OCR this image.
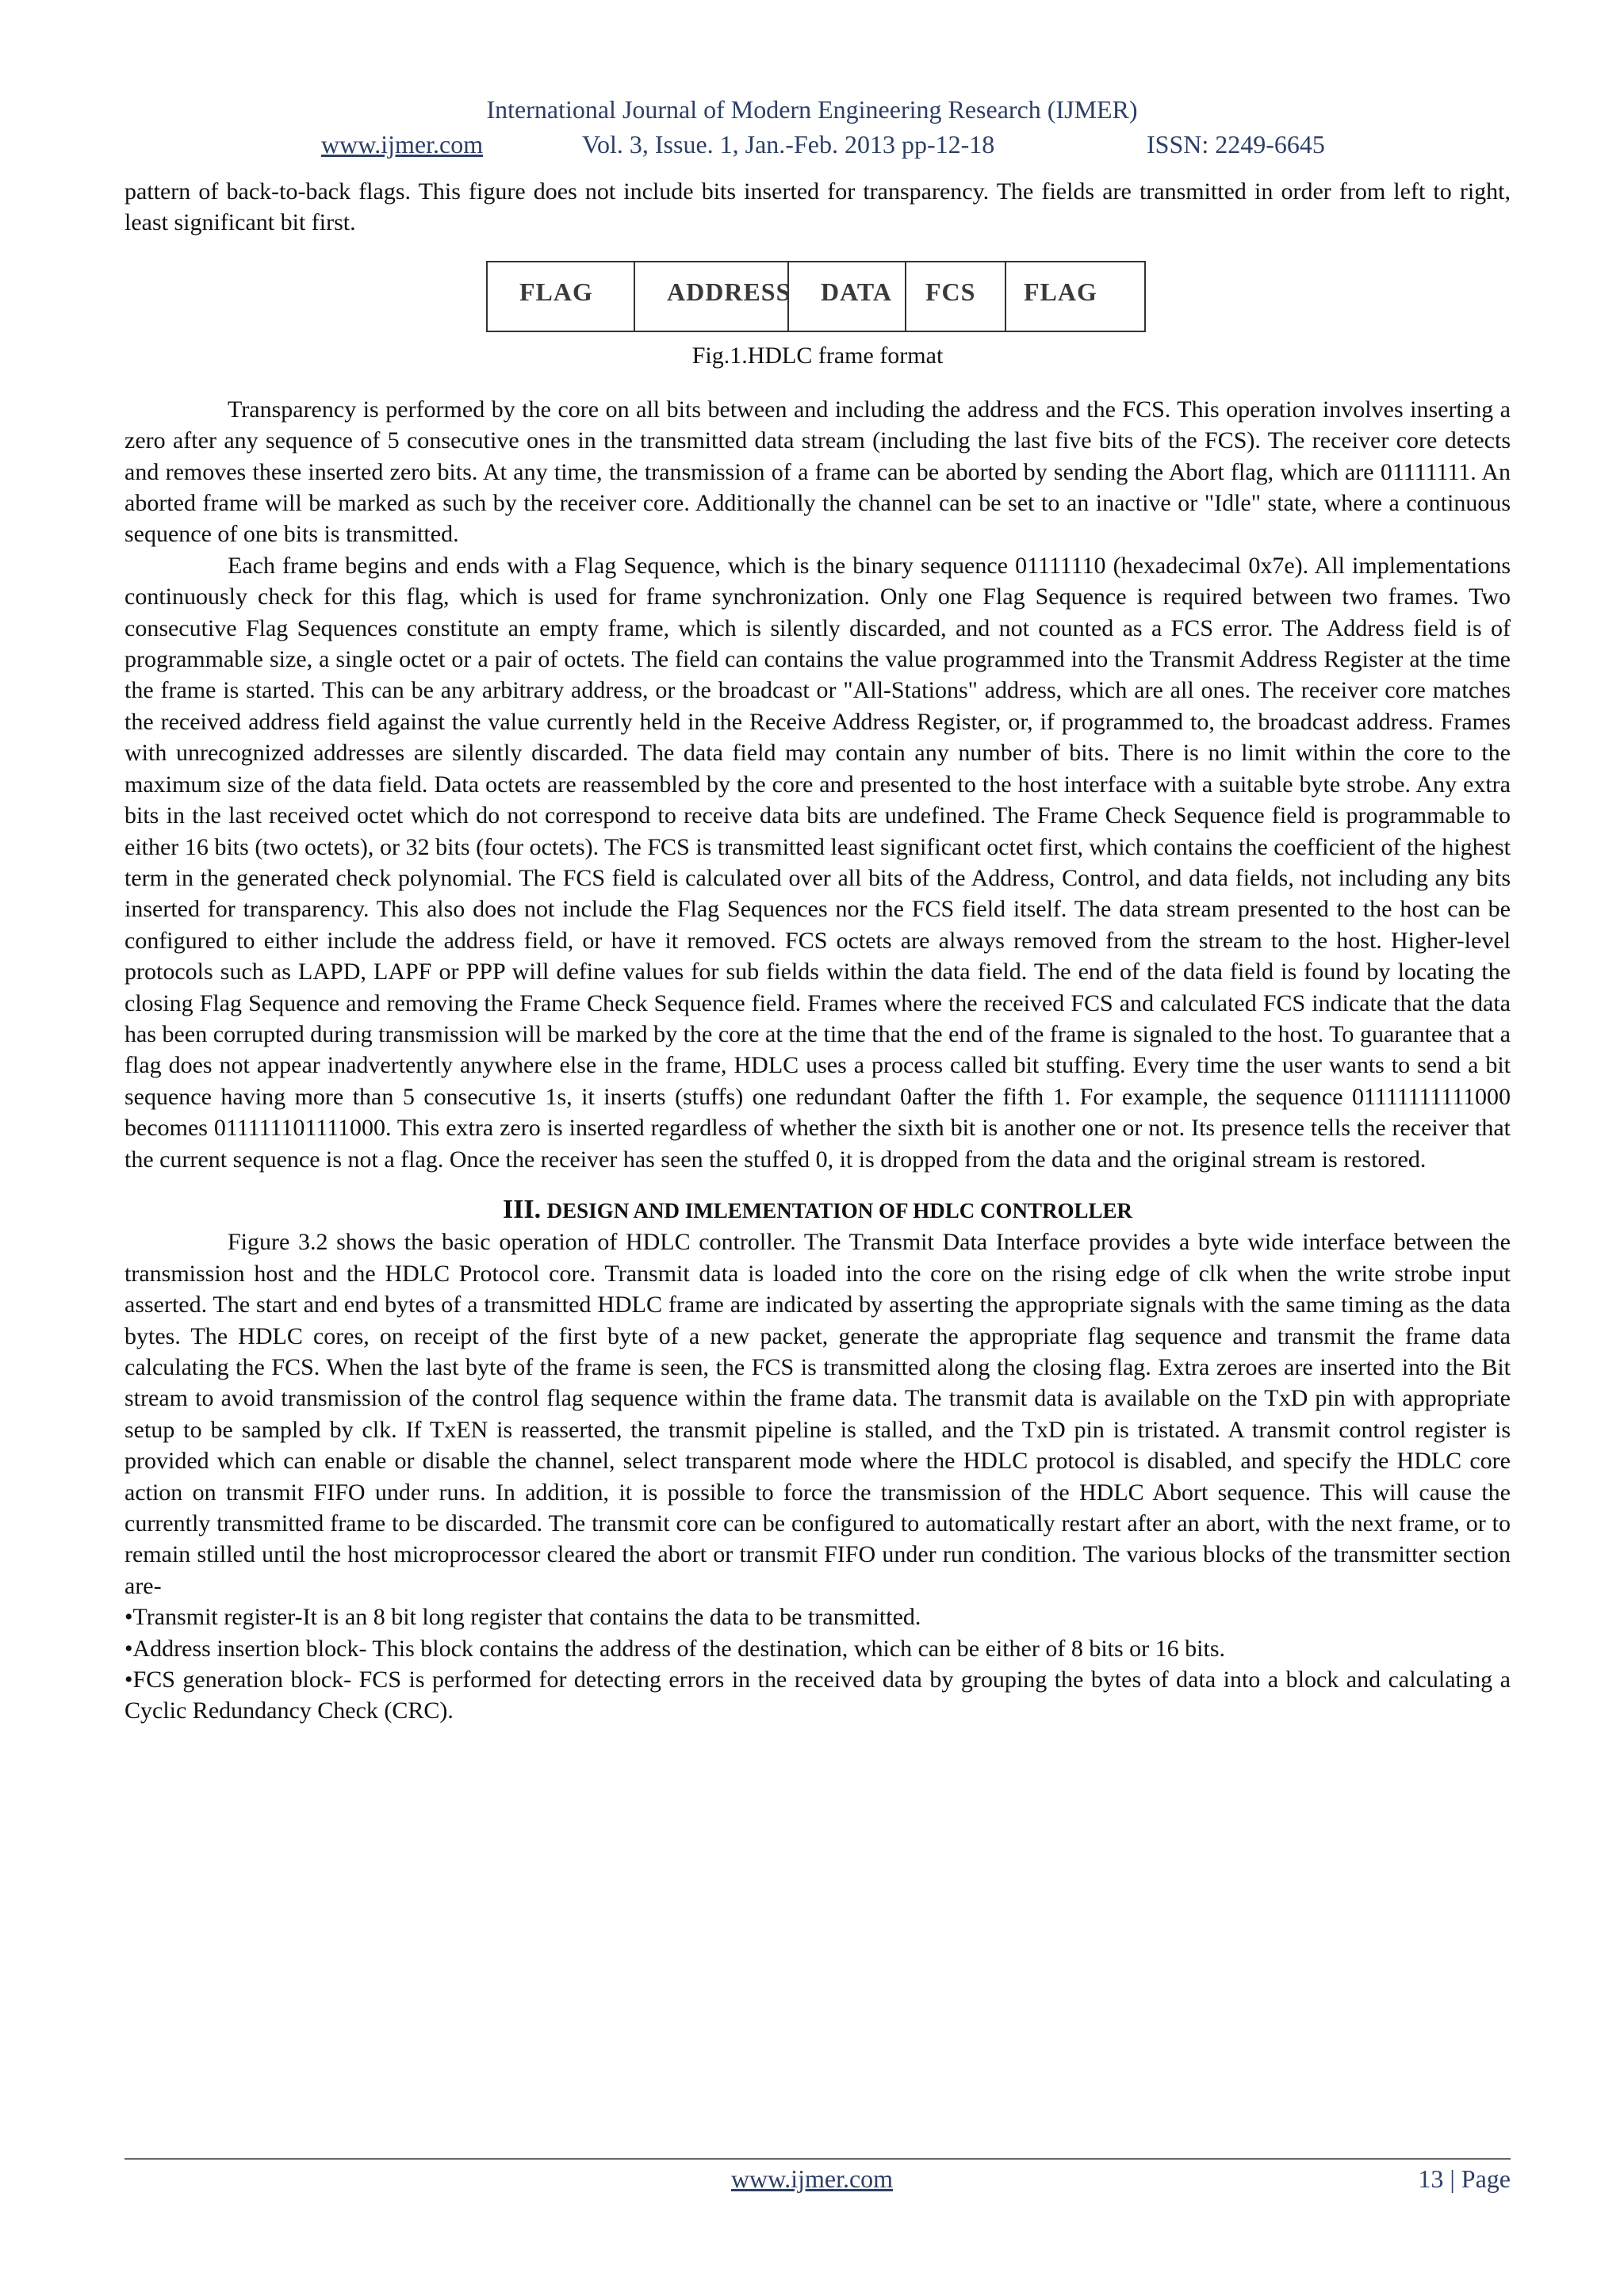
International Journal of Modern Engineering Research (IJMER)
www.ijmer.com	Vol. 3, Issue. 1, Jan.-Feb. 2013 pp-12-18	ISSN: 2249-6645

pattern of back-to-back flags. This figure does not include bits inserted for transparency. The fields are transmitted in order from left to right, least significant bit first.

FLAG	ADDRESS	DATA	FCS	FLAG
Fig.1.HDLC frame format

Transparency is performed by the core on all bits between and including the address and the FCS. This operation involves inserting a zero after any sequence of 5 consecutive ones in the transmitted data stream (including the last five bits of the FCS). The receiver core detects and removes these inserted zero bits. At any time, the transmission of a frame can be aborted by sending the Abort flag, which are 01111111. An aborted frame will be marked as such by the receiver core. Additionally the channel can be set to an inactive or "Idle" state, where a continuous sequence of one bits is transmitted.

Each frame begins and ends with a Flag Sequence, which is the binary sequence 01111110 (hexadecimal 0x7e). All implementations continuously check for this flag, which is used for frame synchronization. Only one Flag Sequence is required between two frames. Two consecutive Flag Sequences constitute an empty frame, which is silently discarded, and not counted as a FCS error. The Address field is of programmable size, a single octet or a pair of octets. The field can contains the value programmed into the Transmit Address Register at the time the frame is started. This can be any arbitrary address, or the broadcast or "All-Stations" address, which are all ones. The receiver core matches the received address field against the value currently held in the Receive Address Register, or, if programmed to, the broadcast address. Frames with unrecognized addresses are silently discarded. The data field may contain any number of bits. There is no limit within the core to the maximum size of the data field. Data octets are reassembled by the core and presented to the host interface with a suitable byte strobe. Any extra bits in the last received octet which do not correspond to receive data bits are undefined. The Frame Check Sequence field is programmable to either 16 bits (two octets), or 32 bits (four octets). The FCS is transmitted least significant octet first, which contains the coefficient of the highest term in the generated check polynomial. The FCS field is calculated over all bits of the Address, Control, and data fields, not including any bits inserted for transparency. This also does not include the Flag Sequences nor the FCS field itself. The data stream presented to the host can be configured to either include the address field, or have it removed. FCS octets are always removed from the stream to the host. Higher-level protocols such as LAPD, LAPF or PPP will define values for sub fields within the data field. The end of the data field is found by locating the closing Flag Sequence and removing the Frame Check Sequence field. Frames where the received FCS and calculated FCS indicate that the data has been corrupted during transmission will be marked by the core at the time that the end of the frame is signaled to the host. To guarantee that a flag does not appear inadvertently anywhere else in the frame, HDLC uses a process called bit stuffing. Every time the user wants to send a bit sequence having more than 5 consecutive 1s, it inserts (stuffs) one redundant 0after the fifth 1. For example, the sequence 01111111111000 becomes 011111101111000. This extra zero is inserted regardless of whether the sixth bit is another one or not. Its presence tells the receiver that the current sequence is not a flag. Once the receiver has seen the stuffed 0, it is dropped from the data and the original stream is restored.

III. DESIGN AND IMLEMENTATION OF HDLC CONTROLLER

Figure 3.2 shows the basic operation of HDLC controller. The Transmit Data Interface provides a byte wide interface between the transmission host and the HDLC Protocol core. Transmit data is loaded into the core on the rising edge of clk when the write strobe input asserted. The start and end bytes of a transmitted HDLC frame are indicated by asserting the appropriate signals with the same timing as the data bytes. The HDLC cores, on receipt of the first byte of a new packet, generate the appropriate flag sequence and transmit the frame data calculating the FCS. When the last byte of the frame is seen, the FCS is transmitted along the closing flag. Extra zeroes are inserted into the Bit stream to avoid transmission of the control flag sequence within the frame data. The transmit data is available on the TxD pin with appropriate setup to be sampled by clk. If TxEN is reasserted, the transmit pipeline is stalled, and the TxD pin is tristated. A transmit control register is provided which can enable or disable the channel, select transparent mode where the HDLC protocol is disabled, and specify the HDLC core action on transmit FIFO under runs. In addition, it is possible to force the transmission of the HDLC Abort sequence. This will cause the currently transmitted frame to be discarded. The transmit core can be configured to automatically restart after an abort, with the next frame, or to remain stilled until the host microprocessor cleared the abort or transmit FIFO under run condition. The various blocks of the transmitter section are-

•Transmit register-It is an 8 bit long register that contains the data to be transmitted.

•Address insertion block- This block contains the address of the destination, which can be either of 8 bits or 16 bits.

•FCS generation block- FCS is performed for detecting errors in the received data by grouping the bytes of data into a block and calculating a Cyclic Redundancy Check (CRC).

www.ijmer.com	13 | Page
